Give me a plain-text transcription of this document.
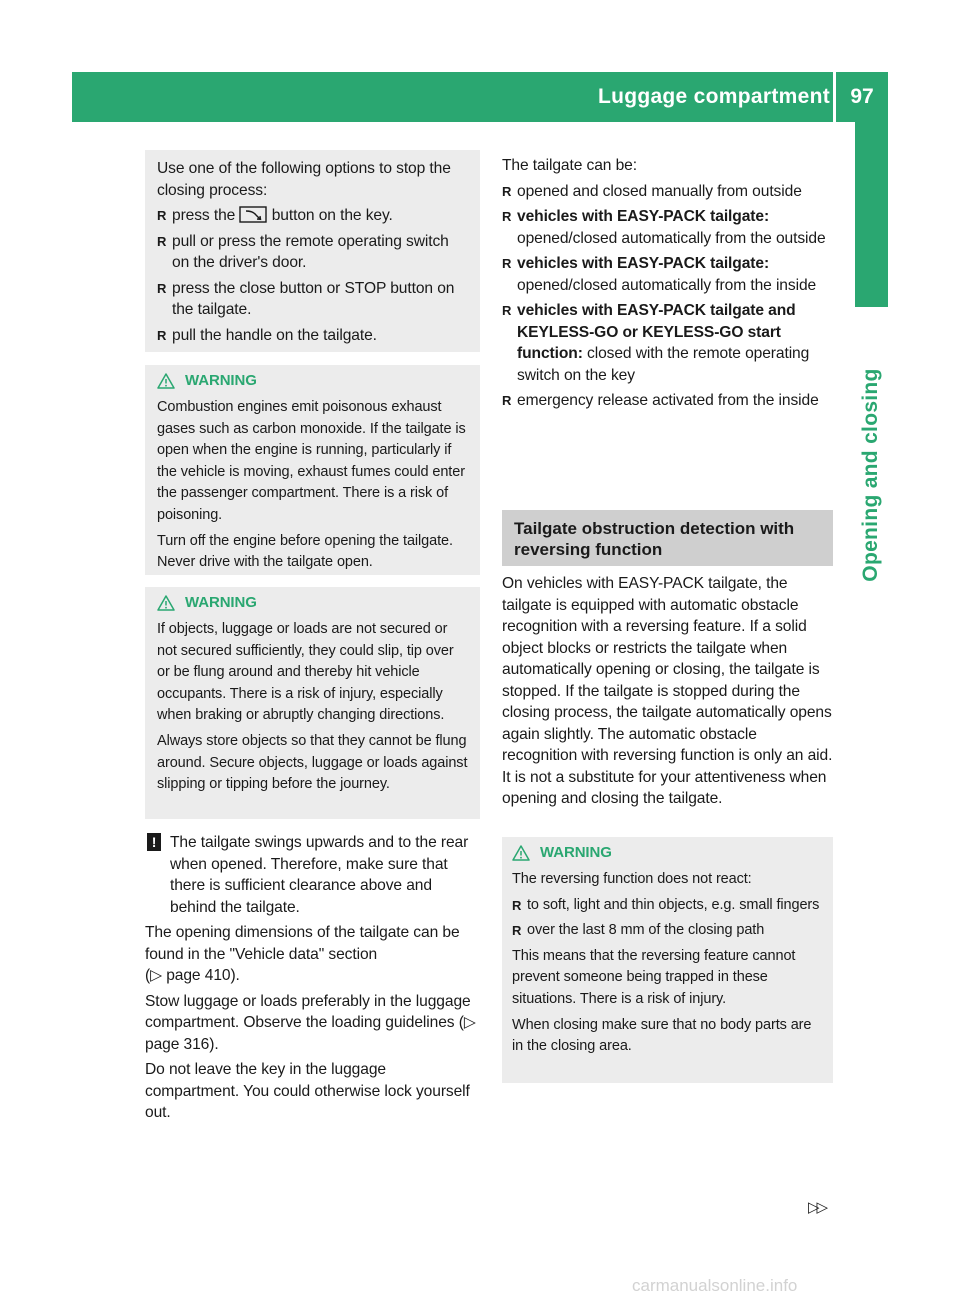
Luggage compartment 97
Opening and closing

Use one of the following options to stop the closing process:

R press the button on the key.
R pull or press the remote operating switch on the driver's door.
R press the close button or STOP button on the tailgate.
R pull the handle on the tailgate.
WARNING

Combustion engines emit poisonous exhaust gases such as carbon monoxide. If the tailgate is open when the engine is running, particularly if the vehicle is moving, exhaust fumes could enter the passenger compartment. There is a risk of poisoning.

Turn off the engine before opening the tailgate. Never drive with the tailgate open.

WARNING

If objects, luggage or loads are not secured or not secured sufficiently, they could slip, tip over or be flung around and thereby hit vehicle occupants. There is a risk of injury, especially when braking or abruptly changing directions.

Always store objects so that they cannot be flung around. Secure objects, luggage or loads against slipping or tipping before the journey.

! The tailgate swings upwards and to the rear when opened. Therefore, make sure that there is sufficient clearance above and behind the tailgate.

The opening dimensions of the tailgate can be found in the "Vehicle data" section
(▷ page 410).

Stow luggage or loads preferably in the luggage compartment. Observe the loading guidelines (▷ page 316).

Do not leave the key in the luggage compartment. You could otherwise lock yourself out.

The tailgate can be:

R opened and closed manually from outside
R vehicles with EASY-PACK tailgate:
opened/closed automatically from the outside
R vehicles with EASY-PACK tailgate:
opened/closed automatically from the inside
R vehicles with EASY-PACK tailgate and KEYLESS-GO or KEYLESS-GO start function: closed with the remote operating switch on the key
R emergency release activated from the inside
Tailgate obstruction detection with reversing function

On vehicles with EASY-PACK tailgate, the tailgate is equipped with automatic obstacle recognition with a reversing feature. If a solid object blocks or restricts the tailgate when automatically opening or closing, the tailgate is stopped. If the tailgate is stopped during the closing process, the tailgate automatically opens again slightly. The automatic obstacle recognition with reversing function is only an aid. It is not a substitute for your attentiveness when opening and closing the tailgate.

WARNING

The reversing function does not react:

R to soft, light and thin objects, e.g. small fingers
R over the last 8 mm of the closing path

This means that the reversing feature cannot prevent someone being trapped in these situations. There is a risk of injury.

When closing make sure that no body parts are in the closing area.

▷▷
carmanualsonline.info
